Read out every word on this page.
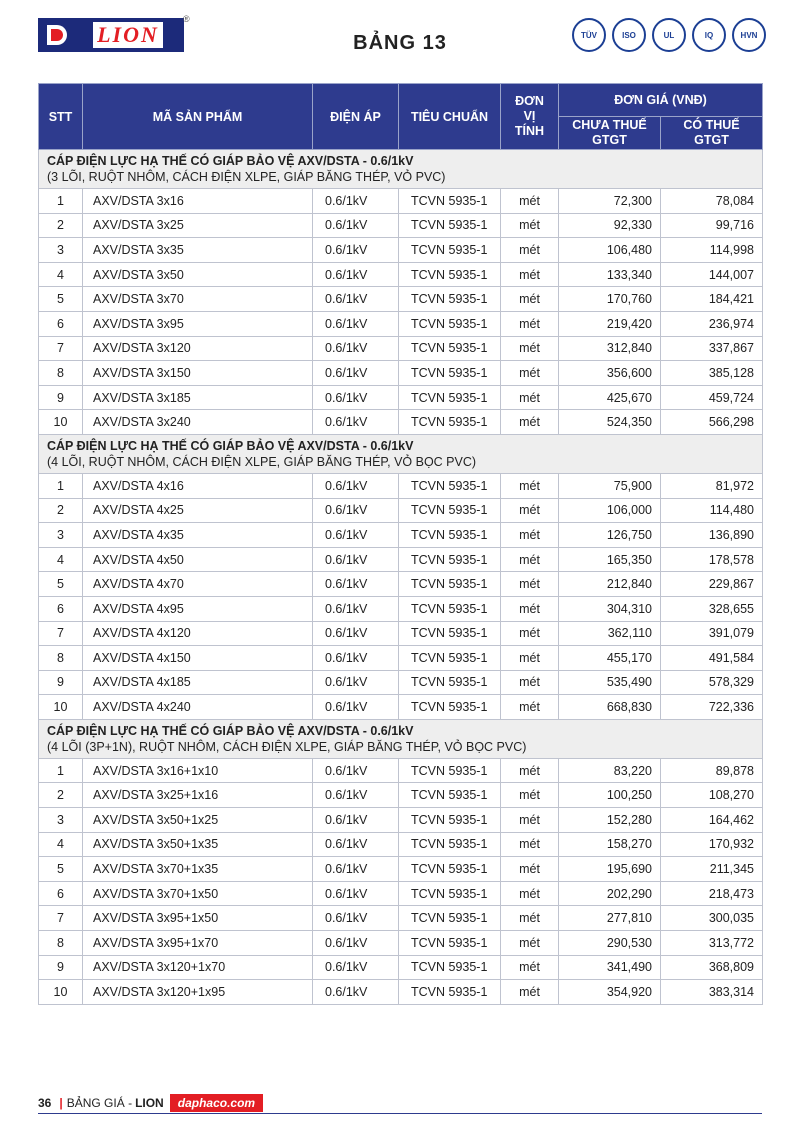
LION
®
BẢNG 13	TÜV	ISO	UL	IQ	HVN
STT	MÃ SẢN PHẨM	ĐIỆN ÁP	TIÊU CHUẨN	ĐƠN
VỊ
TÍNH	ĐƠN GIÁ (VNĐ)	
					CHƯA THUẾ
GTGT	CÓ THUẾ
GTGT

CÁP ĐIỆN LỰC HẠ THẾ CÓ GIÁP BẢO VỆ AXV/DSTA - 0.6/1kV
(3 LÕI, RUỘT NHÔM, CÁCH ĐIỆN XLPE, GIÁP BĂNG THÉP, VỎ PVC)						

1	AXV/DSTA 3x16	0.6/1kV	TCVN 5935-1	mét	72,300	78,084
2	AXV/DSTA 3x25	0.6/1kV	TCVN 5935-1	mét	92,330	99,716
3	AXV/DSTA 3x35	0.6/1kV	TCVN 5935-1	mét	106,480	114,998
4	AXV/DSTA 3x50	0.6/1kV	TCVN 5935-1	mét	133,340	144,007
5	AXV/DSTA 3x70	0.6/1kV	TCVN 5935-1	mét	170,760	184,421
6	AXV/DSTA 3x95	0.6/1kV	TCVN 5935-1	mét	219,420	236,974
7	AXV/DSTA 3x120	0.6/1kV	TCVN 5935-1	mét	312,840	337,867
8	AXV/DSTA 3x150	0.6/1kV	TCVN 5935-1	mét	356,600	385,128
9	AXV/DSTA 3x185	0.6/1kV	TCVN 5935-1	mét	425,670	459,724
10	AXV/DSTA 3x240	0.6/1kV	TCVN 5935-1	mét	524,350	566,298

CÁP ĐIỆN LỰC HẠ THẾ CÓ GIÁP BẢO VỆ AXV/DSTA - 0.6/1kV
(4 LÕI, RUỘT NHÔM, CÁCH ĐIỆN XLPE, GIÁP BĂNG THÉP, VỎ BỌC PVC)						

1	AXV/DSTA 4x16	0.6/1kV	TCVN 5935-1	mét	75,900	81,972
2	AXV/DSTA 4x25	0.6/1kV	TCVN 5935-1	mét	106,000	114,480
3	AXV/DSTA 4x35	0.6/1kV	TCVN 5935-1	mét	126,750	136,890
4	AXV/DSTA 4x50	0.6/1kV	TCVN 5935-1	mét	165,350	178,578
5	AXV/DSTA 4x70	0.6/1kV	TCVN 5935-1	mét	212,840	229,867
6	AXV/DSTA 4x95	0.6/1kV	TCVN 5935-1	mét	304,310	328,655
7	AXV/DSTA 4x120	0.6/1kV	TCVN 5935-1	mét	362,110	391,079
8	AXV/DSTA 4x150	0.6/1kV	TCVN 5935-1	mét	455,170	491,584
9	AXV/DSTA 4x185	0.6/1kV	TCVN 5935-1	mét	535,490	578,329
10	AXV/DSTA 4x240	0.6/1kV	TCVN 5935-1	mét	668,830	722,336

CÁP ĐIỆN LỰC HẠ THẾ CÓ GIÁP BẢO VỆ AXV/DSTA - 0.6/1kV
(4 LÕI (3P+1N), RUỘT NHÔM, CÁCH ĐIỆN XLPE, GIÁP BĂNG THÉP, VỎ BỌC PVC)						

1	AXV/DSTA 3x16+1x10	0.6/1kV	TCVN 5935-1	mét	83,220	89,878
2	AXV/DSTA 3x25+1x16	0.6/1kV	TCVN 5935-1	mét	100,250	108,270
3	AXV/DSTA 3x50+1x25	0.6/1kV	TCVN 5935-1	mét	152,280	164,462
4	AXV/DSTA 3x50+1x35	0.6/1kV	TCVN 5935-1	mét	158,270	170,932
5	AXV/DSTA 3x70+1x35	0.6/1kV	TCVN 5935-1	mét	195,690	211,345
6	AXV/DSTA 3x70+1x50	0.6/1kV	TCVN 5935-1	mét	202,290	218,473
7	AXV/DSTA 3x95+1x50	0.6/1kV	TCVN 5935-1	mét	277,810	300,035
8	AXV/DSTA 3x95+1x70	0.6/1kV	TCVN 5935-1	mét	290,530	313,772
9	AXV/DSTA 3x120+1x70	0.6/1kV	TCVN 5935-1	mét	341,490	368,809
10	AXV/DSTA 3x120+1x95	0.6/1kV	TCVN 5935-1	mét	354,920	383,314
36 | BẢNG GIÁ - LION	daphaco.com
